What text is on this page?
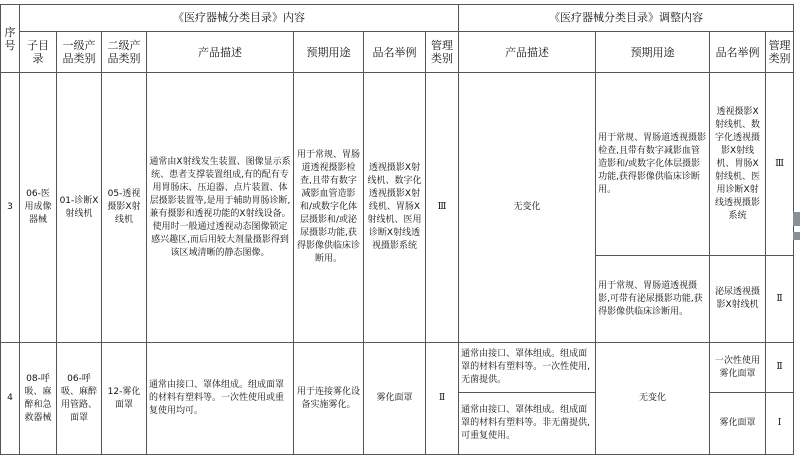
序号	《医疗器械分类目录》内容							《医疗器械分类目录》调整内容			
	子目录	一级产品类别	二级产品类别	产品描述	预期用途	品名举例	管理类别	产品描述	预期用途	品名举例	管理类别
3	06-医用成像器械	01-诊断X射线机	05-透视摄影X射线机	通常由X射线发生装置、图像显示系统、患者支撑装置组成,有的配有专用胃肠床、压迫器、点片装置、体层摄影装置等,是用于辅助胃肠诊断,兼有摄影和透视功能的X射线设备。使用时一般通过透视动态图像锁定感兴趣区,而后用较大剂量摄影得到该区域清晰的静态图像。	用于常规、胃肠道透视摄影检查,且带有数字减影血管造影和/或数字化体层摄影和/或泌尿摄影功能,获得影像供临床诊断用。	透视摄影X射线机、数字化透视摄影X射线机、胃肠X射线机、医用诊断X射线透视摄影系统	Ⅲ	无变化	用于常规、胃肠道透视摄影检查,且带有数字减影血管造影和/或数字化体层摄影功能,获得影像供临床诊断用。	透视摄影X射线机、数字化透视摄影X射线机、胃肠X射线机、医用诊断X射线透视摄影系统	Ⅲ
									用于常规、胃肠道透视摄影,可带有泌尿摄影功能,获得影像供临床诊断用。	泌尿透视摄影X射线机	Ⅱ
4	08-呼吸、麻醉和急救器械	06-呼吸、麻醉用管路、面罩	12-雾化面罩	通常由接口、罩体组成。组成面罩的材料有塑料等。一次性使用或重复使用均可。	用于连接雾化设备实施雾化。	雾化面罩	Ⅱ	通常由接口、罩体组成。组成面罩的材料有塑料等。一次性使用,无菌提供。	无变化	一次性使用雾化面罩	Ⅱ
								通常由接口、罩体组成。组成面罩的材料有塑料等。非无菌提供,可重复使用。		雾化面罩	Ⅰ
